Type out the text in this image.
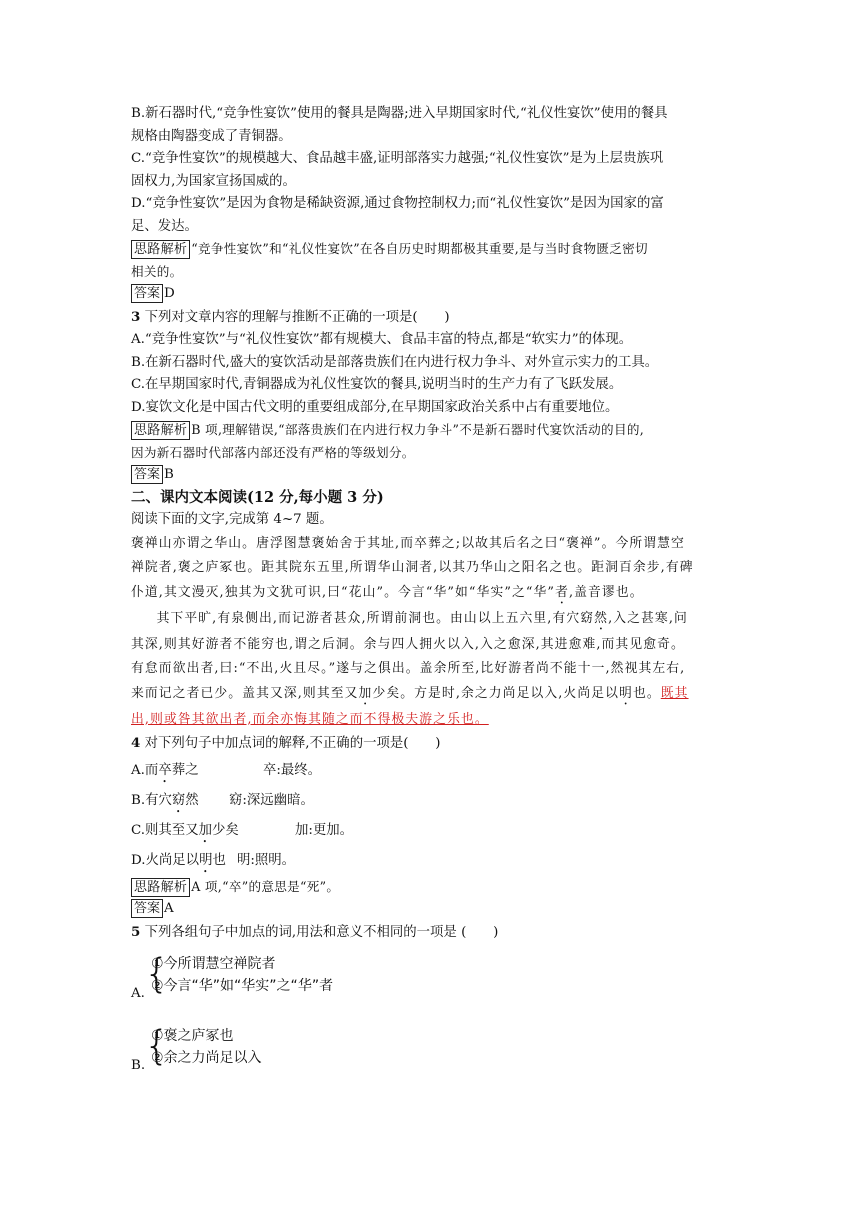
B.新石器时代,“竞争性宴饮”使用的餐具是陶器;进入早期国家时代,“礼仪性宴饮”使用的餐具

规格由陶器变成了青铜器。

C.“竞争性宴饮”的规模越大、食品越丰盛,证明部落实力越强;“礼仪性宴饮”是为上层贵族巩

固权力,为国家宣扬国威的。

D.“竞争性宴饮”是因为食物是稀缺资源,通过食物控制权力;而“礼仪性宴饮”是因为国家的富

足、发达。

思路解析 “竞争性宴饮”和“礼仪性宴饮”在各自历史时期都极其重要,是与当时食物匮乏密切

相关的。

答案 D

3 下列对文章内容的理解与推断不正确的一项是(　　)

A.“竞争性宴饮”与“礼仪性宴饮”都有规模大、食品丰富的特点,都是“软实力”的体现。

B.在新石器时代,盛大的宴饮活动是部落贵族们在内进行权力争斗、对外宣示实力的工具。

C.在早期国家时代,青铜器成为礼仪性宴饮的餐具,说明当时的生产力有了飞跃发展。

D.宴饮文化是中国古代文明的重要组成部分,在早期国家政治关系中占有重要地位。

思路解析 B 项,理解错误,“部落贵族们在内进行权力争斗”不是新石器时代宴饮活动的目的,

因为新石器时代部落内部还没有严格的等级划分。

答案 B

二、课内文本阅读(12 分,每小题 3 分)

阅读下面的文字,完成第 4~7 题。

褒禅山亦谓之华山。唐浮图慧褒始舍于其址,而卒葬之;以故其后名之曰“褒禅”。今所谓慧空

禅院者,褒之庐冢也。距其院东五里,所谓华山洞者,以其乃华山之阳名之也。距洞百余步,有碑

仆道,其文漫灭,独其为文犹可识,曰“花山”。今言“华”如“华实”之“华”者,盖音谬也。

其下平旷,有泉侧出,而记游者甚众,所谓前洞也。由山以上五六里,有穴窈然,入之甚寒,问

其深,则其好游者不能穷也,谓之后洞。余与四人拥火以入,入之愈深,其进愈难,而其见愈奇。

有怠而欲出者,曰:“不出,火且尽。”遂与之俱出。盖余所至,比好游者尚不能十一,然视其左右,

来而记之者已少。盖其又深,则其至又加少矣。方是时,余之力尚足以入,火尚足以明也。既其

出,则或咎其欲出者,而余亦悔其随之而不得极夫游之乐也。

4 对下列句子中加点词的解释,不正确的一项是(　　)

A.而卒葬之	卒:最终。
B.有穴窈然	窈:深远幽暗。
C.则其至又加少矣	加:更加。
D.火尚足以明也 明:照明。

思路解析 A 项,“卒”的意思是“死”。

答案 A

5 下列各组句子中加点的词,用法和意义不相同的一项是 (　　)

A. {
①今所谓慧空禅院者
②今言“华”如“华实”之“华”者
B.
{
①褒之庐冢也
②余之力尚足以入
